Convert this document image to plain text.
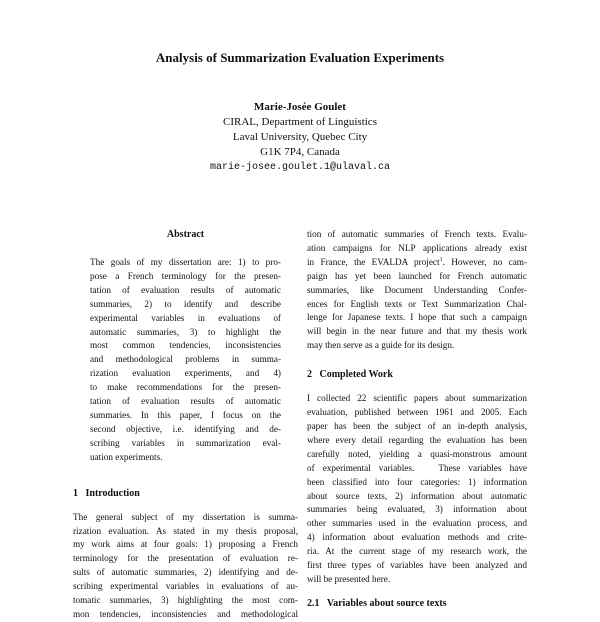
Analysis of Summarization Evaluation Experiments
Marie-Josée Goulet
CIRAL, Department of Linguistics
Laval University, Quebec City
G1K 7P4, Canada
marie-josee.goulet.1@ulaval.ca
Abstract
The goals of my dissertation are: 1) to pro-
pose a French terminology for the presen-
tation of evaluation results of automatic
summaries, 2) to identify and describe
experimental variables in evaluations of
automatic summaries, 3) to highlight the
most common tendencies, inconsistencies
and methodological problems in summa-
rization evaluation experiments, and 4)
to make recommendations for the presen-
tation of evaluation results of automatic
summaries. In this paper, I focus on the
second objective, i.e. identifying and de-
scribing variables in summarization eval-
uation experiments.
1   Introduction
The general subject of my dissertation is summa-
rization evaluation. As stated in my thesis proposal,
my work aims at four goals: 1) proposing a French
terminology for the presentation of evaluation re-
sults of automatic summaries, 2) identifying and de-
scribing experimental variables in evaluations of au-
tomatic summaries, 3) highlighting the most com-
mon tendencies, inconsistencies and methodological
tion of automatic summaries of French texts. Evalu-
ation campaigns for NLP applications already exist
in France, the EVALDA project$^1$. However, no cam-
paign has yet been launched for French automatic
summaries, like Document Understanding Confer-
ences for English texts or Text Summarization Chal-
lenge for Japanese texts. I hope that such a campaign
will begin in the near future and that my thesis work
may then serve as a guide for its design.
2   Completed Work
I collected 22 scientific papers about summarization
evaluation, published between 1961 and 2005. Each
paper has been the subject of an in-depth analysis,
where every detail regarding the evaluation has been
carefully noted, yielding a quasi-monstrous amount
of experimental variables.   These variables have
been classified into four categories: 1) information
about source texts, 2) information about automatic
summaries being evaluated, 3) information about
other summaries used in the evaluation process, and
4) information about evaluation methods and crite-
ria. At the current stage of my research work, the
first three types of variables have been analyzed and
will be presented here.
2.1   Variables about source texts
